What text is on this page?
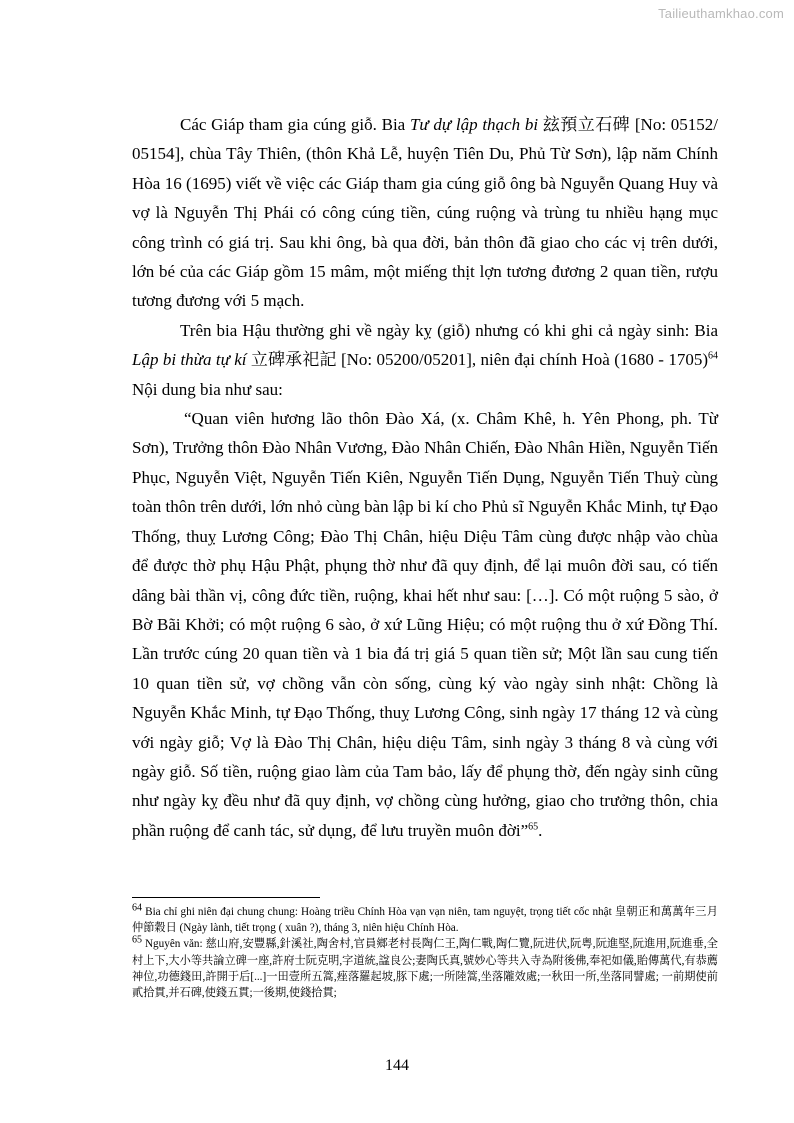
Tailieuthamkhao.com

Các Giáp tham gia cúng giỗ. Bia Tư dự lập thạch bi 玆預立石碑 [No: 05152/ 05154], chùa Tây Thiên, (thôn Khả Lễ, huyện Tiên Du, Phủ Từ Sơn), lập năm Chính Hòa 16 (1695) viết về việc các Giáp tham gia cúng giỗ ông bà Nguyễn Quang Huy và vợ là Nguyễn Thị Phái có công cúng tiền, cúng ruộng và trùng tu nhiều hạng mục công trình có giá trị. Sau khi ông, bà qua đời, bản thôn đã giao cho các vị trên dưới, lớn bé của các Giáp gồm 15 mâm, một miếng thịt lợn tương đương 2 quan tiền, rượu tương đương với 5 mạch.

Trên bia Hậu thường ghi về ngày kỵ (giỗ) nhưng có khi ghi cả ngày sinh: Bia Lập bi thừa tự kí 立碑承祀記 [No: 05200/05201], niên đại chính Hoà (1680 - 1705)$^{64}$ Nội dung bia như sau:

“Quan viên hương lão thôn Đào Xá, (x. Châm Khê, h. Yên Phong, ph. Từ Sơn), Trưởng thôn Đào Nhân Vương, Đào Nhân Chiến, Đào Nhân Hiền, Nguyễn Tiến Phục, Nguyễn Việt, Nguyễn Tiến Kiên, Nguyễn Tiến Dụng, Nguyễn Tiến Thuỳ cùng toàn thôn trên dưới, lớn nhỏ cùng bàn lập bi kí cho Phủ sĩ Nguyễn Khắc Minh, tự Đạo Thống, thuỵ Lương Công; Đào Thị Chân, hiệu Diệu Tâm cùng được nhập vào chùa để được thờ phụ Hậu Phật, phụng thờ như đã quy định, để lại muôn đời sau, có tiến dâng bài thần vị, công đức tiền, ruộng, khai hết như sau: […]. Có một ruộng 5 sào, ở Bờ Bãi Khởi; có một ruộng 6 sào, ở xứ Lũng Hiệu; có một ruộng thu ở xứ Đồng Thí. Lần trước cúng 20 quan tiền và 1 bia đá trị giá 5 quan tiền sử; Một lần sau cung tiến 10 quan tiền sử, vợ chồng vẫn còn sống, cùng ký vào ngày sinh nhật: Chồng là Nguyễn Khắc Minh, tự Đạo Thống, thuỵ Lương Công, sinh ngày 17 tháng 12 và cùng với ngày giỗ; Vợ là Đào Thị Chân, hiệu diệu Tâm, sinh ngày 3 tháng 8 và cùng với ngày giỗ. Số tiền, ruộng giao làm của Tam bảo, lấy để phụng thờ, đến ngày sinh cũng như ngày kỵ đều như đã quy định, vợ chồng cùng hưởng, giao cho trưởng thôn, chia phần ruộng để canh tác, sử dụng, để lưu truyền muôn đời”$^{65}$.

$^{64}$ Bia chỉ ghi niên đại chung chung: Hoàng triều Chính Hòa vạn vạn niên, tam nguyệt, trọng tiết cốc nhật 皇朝正和萬萬年三月仲節穀日 (Ngày lành, tiết trọng ( xuân ?), tháng 3, niên hiệu Chính Hòa.

$^{65}$ Nguyên văn: 慈山府,安豐縣,針溪社,陶舍村,官員鄉老村長陶仁王,陶仁戰,陶仁覽,阮进伏,阮粤,阮進堅,阮進用,阮進垂,全村上下,大小等共論立碑一座,許府士阮克明,字道統,諡良公;妻陶氏真,號妙心等共入寺為附後佛,奉祀如儀,貽傳萬代,有恭薦神位,功德錢田,許開于后[...]一田壹所五篙,痤落羅起坡,豚下處;一所陸篙,坐落隴效處;一秋田一所,坐落同譬處; 一前期使前貳拾貫,并石碑,使錢五貫;一後期,使錢拾貫;

144
